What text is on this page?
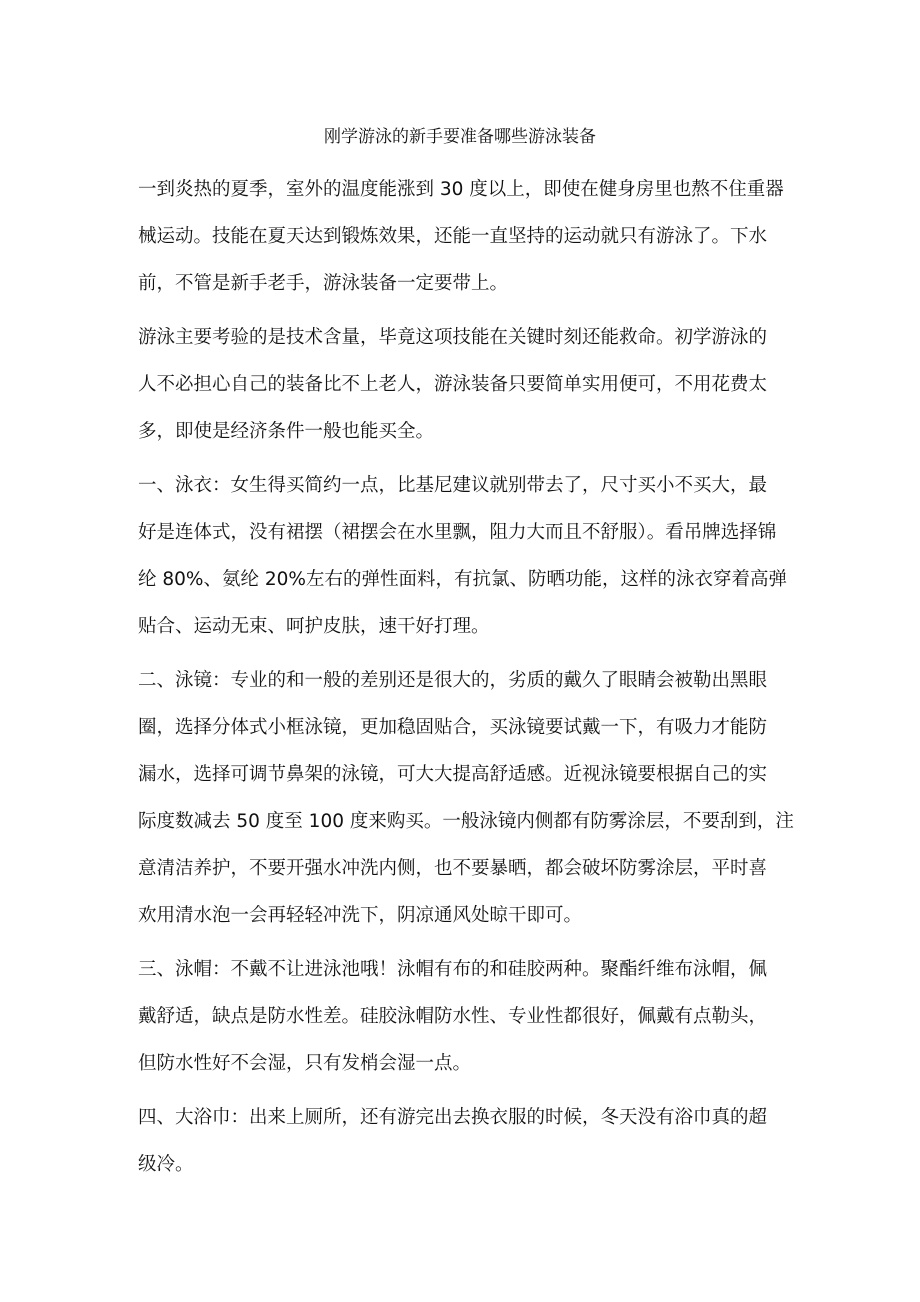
刚学游泳的新手要准备哪些游泳装备
一到炎热的夏季，室外的温度能涨到 30 度以上，即使在健身房里也熬不住重器
械运动。技能在夏天达到锻炼效果，还能一直坚持的运动就只有游泳了。下水
前，不管是新手老手，游泳装备一定要带上。
游泳主要考验的是技术含量，毕竟这项技能在关键时刻还能救命。初学游泳的
人不必担心自己的装备比不上老人，游泳装备只要简单实用便可，不用花费太
多，即使是经济条件一般也能买全。
一、泳衣：女生得买简约一点，比基尼建议就别带去了，尺寸买小不买大，最
好是连体式，没有裙摆（裙摆会在水里飘，阻力大而且不舒服）。看吊牌选择锦
纶 80%、氨纶 20%左右的弹性面料，有抗氯、防晒功能，这样的泳衣穿着高弹
贴合、运动无束、呵护皮肤，速干好打理。
二、泳镜：专业的和一般的差别还是很大的，劣质的戴久了眼睛会被勒出黑眼
圈，选择分体式小框泳镜，更加稳固贴合，买泳镜要试戴一下，有吸力才能防
漏水，选择可调节鼻架的泳镜，可大大提高舒适感。近视泳镜要根据自己的实
际度数减去 50 度至 100 度来购买。一般泳镜内侧都有防雾涂层，不要刮到，注
意清洁养护，不要开强水冲洗内侧，也不要暴晒，都会破坏防雾涂层，平时喜
欢用清水泡一会再轻轻冲洗下，阴凉通风处晾干即可。
三、泳帽：不戴不让进泳池哦！泳帽有布的和硅胶两种。聚酯纤维布泳帽，佩
戴舒适，缺点是防水性差。硅胶泳帽防水性、专业性都很好，佩戴有点勒头，
但防水性好不会湿，只有发梢会湿一点。
四、大浴巾：出来上厕所，还有游完出去换衣服的时候，冬天没有浴巾真的超
级冷。
